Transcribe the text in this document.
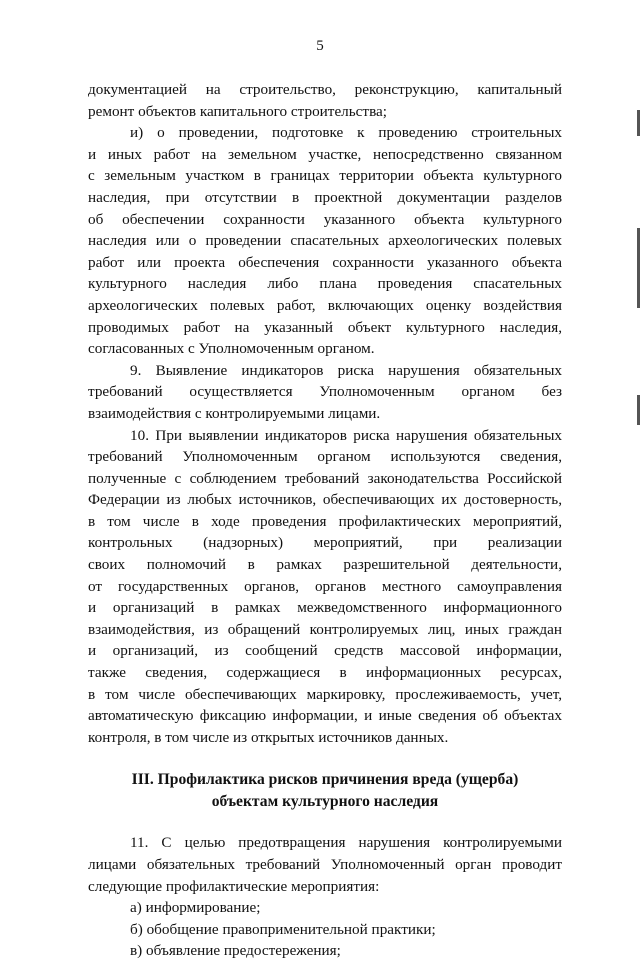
5
документацией на строительство, реконструкцию, капитальный
ремонт объектов капитального строительства;
и) о проведении, подготовке к проведению строительных
и иных работ на земельном участке, непосредственно связанном
с земельным участком в границах территории объекта культурного
наследия, при отсутствии в проектной документации разделов
об обеспечении сохранности указанного объекта культурного
наследия или о проведении спасательных археологических полевых
работ или проекта обеспечения сохранности указанного объекта
культурного наследия либо плана проведения спасательных
археологических полевых работ, включающих оценку воздействия
проводимых работ на указанный объект культурного наследия,
согласованных с Уполномоченным органом.
9. Выявление индикаторов риска нарушения обязательных
требований осуществляется Уполномоченным органом без
взаимодействия с контролируемыми лицами.
10. При выявлении индикаторов риска нарушения обязательных
требований Уполномоченным органом используются сведения,
полученные с соблюдением требований законодательства Российской
Федерации из любых источников, обеспечивающих их достоверность,
в том числе в ходе проведения профилактических мероприятий,
контрольных (надзорных) мероприятий, при реализации
своих полномочий в рамках разрешительной деятельности,
от государственных органов, органов местного самоуправления
и организаций в рамках межведомственного информационного
взаимодействия, из обращений контролируемых лиц, иных граждан
и организаций, из сообщений средств массовой информации,
также сведения, содержащиеся в информационных ресурсах,
в том числе обеспечивающих маркировку, прослеживаемость, учет,
автоматическую фиксацию информации, и иные сведения об объектах
контроля, в том числе из открытых источников данных.
III. Профилактика рисков причинения вреда (ущерба)
объектам культурного наследия
11. С целью предотвращения нарушения контролируемыми
лицами обязательных требований Уполномоченный орган проводит
следующие профилактические мероприятия:
а) информирование;
б) обобщение правоприменительной практики;
в) объявление предостережения;
